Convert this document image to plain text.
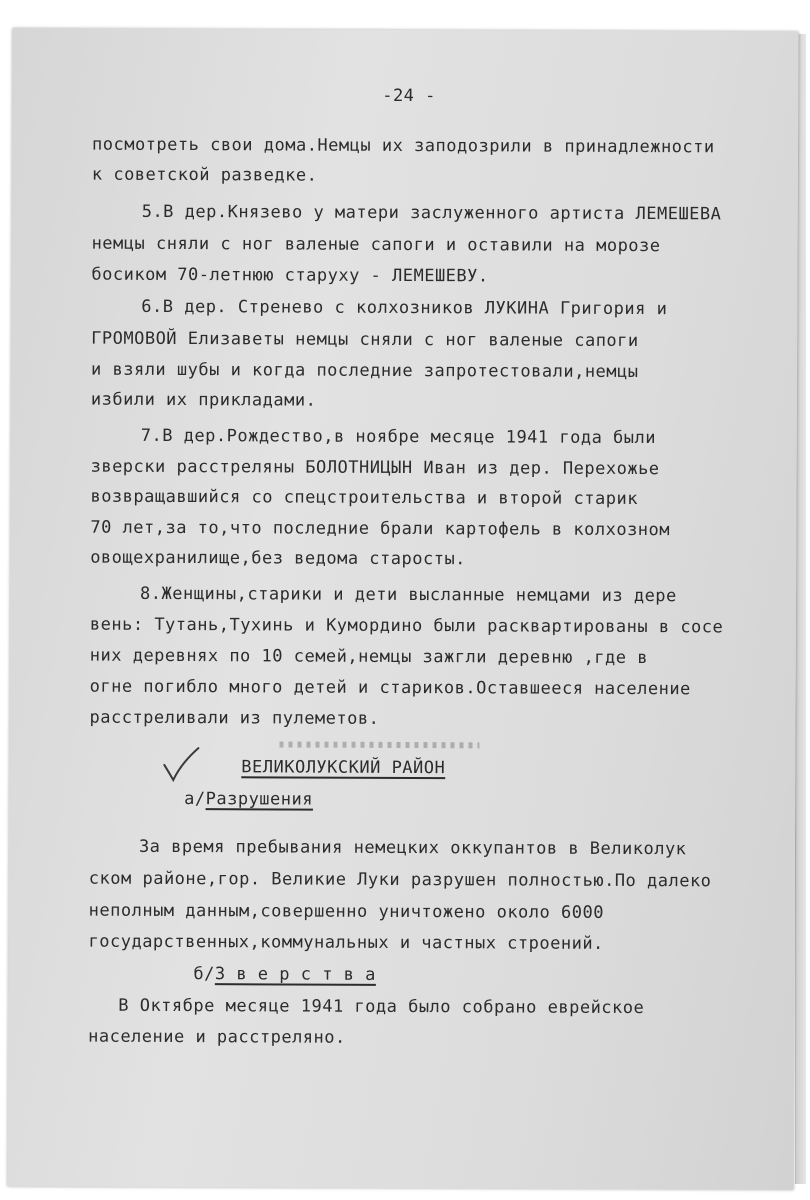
-24 -

посмотреть свои дома.Немцы их заподозрили в принадлежности

к советской разведке.

5.В дер.Князево у матери заслуженного артиста ЛЕМЕШЕВА

немцы сняли с ног валеные сапоги и оставили на морозе

босиком 70-летнюю старуху - ЛЕМЕШЕВУ.

6.В дер. Стренево с колхозников ЛУКИНА Григория и

ГРОМОВОЙ Елизаветы немцы сняли с ног валеные сапоги

и взяли шубы и когда последние запротестовали,немцы

избили их прикладами.

7.В дер.Рождество,в ноябре месяце 1941 года были

зверски расстреляны БОЛОТНИЦЫН Иван из дер. Перехожье

возвращавшийся со спецстроительства и второй старик

70 лет,за то,что последние брали картофель в колхозном

овощехранилище,без ведома старосты.

8.Женщины,старики и дети высланные немцами из дере

вень: Тутань,Тухинь и Кумордино были расквартированы в сосе

них деревнях по 10 семей,немцы зажгли деревню ,где в

огне погибло много детей и стариков.Оставшееся население

расстреливали из пулеметов.

ВЕЛИКОЛУКСКИЙ РАЙОН

а/Разрушения

За время пребывания немецких оккупантов в Великолук

ском районе,гор. Великие Луки разрушен полностью.По далеко

неполным данным,совершенно уничтожено около 6000

государственных,коммунальных и частных строений.

б/З в е р с т в а

В Октябре месяце 1941 года было собрано еврейское

население и расстреляно.
